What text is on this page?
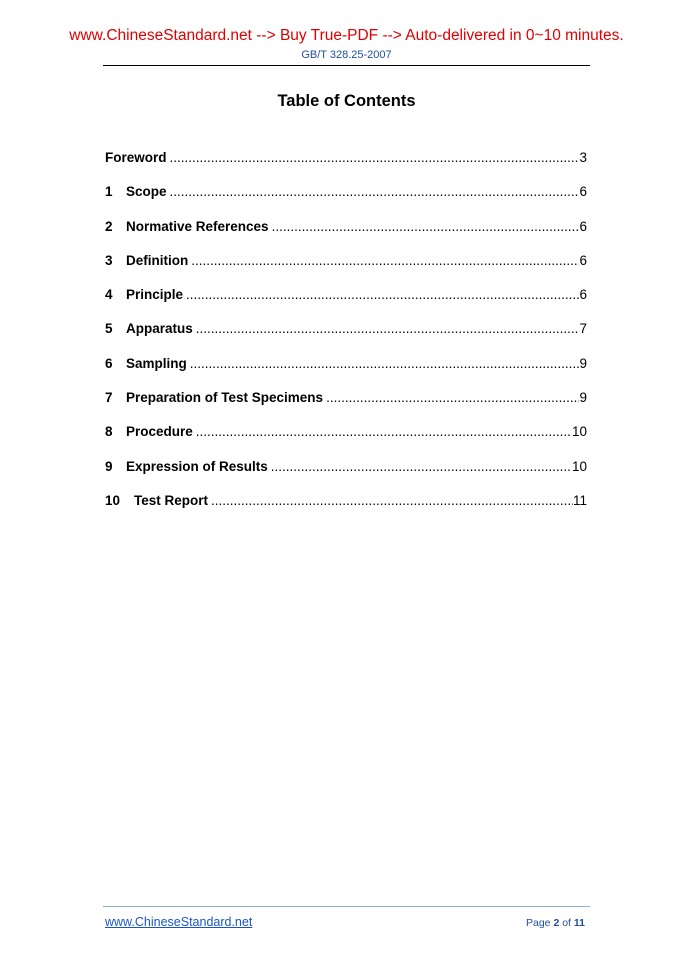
www.ChineseStandard.net --> Buy True-PDF --> Auto-delivered in 0~10 minutes.
GB/T 328.25-2007
Table of Contents
Foreword .....	3
1 Scope .....	6
2 Normative References .....	6
3 Definition .....	6
4 Principle .....	6
5 Apparatus .....	7
6 Sampling .....	9
7 Preparation of Test Specimens .....	9
8 Procedure .....	10
9 Expression of Results .....	10
10	Test Report .....	11
www.ChineseStandard.net	Page 2 of 11
